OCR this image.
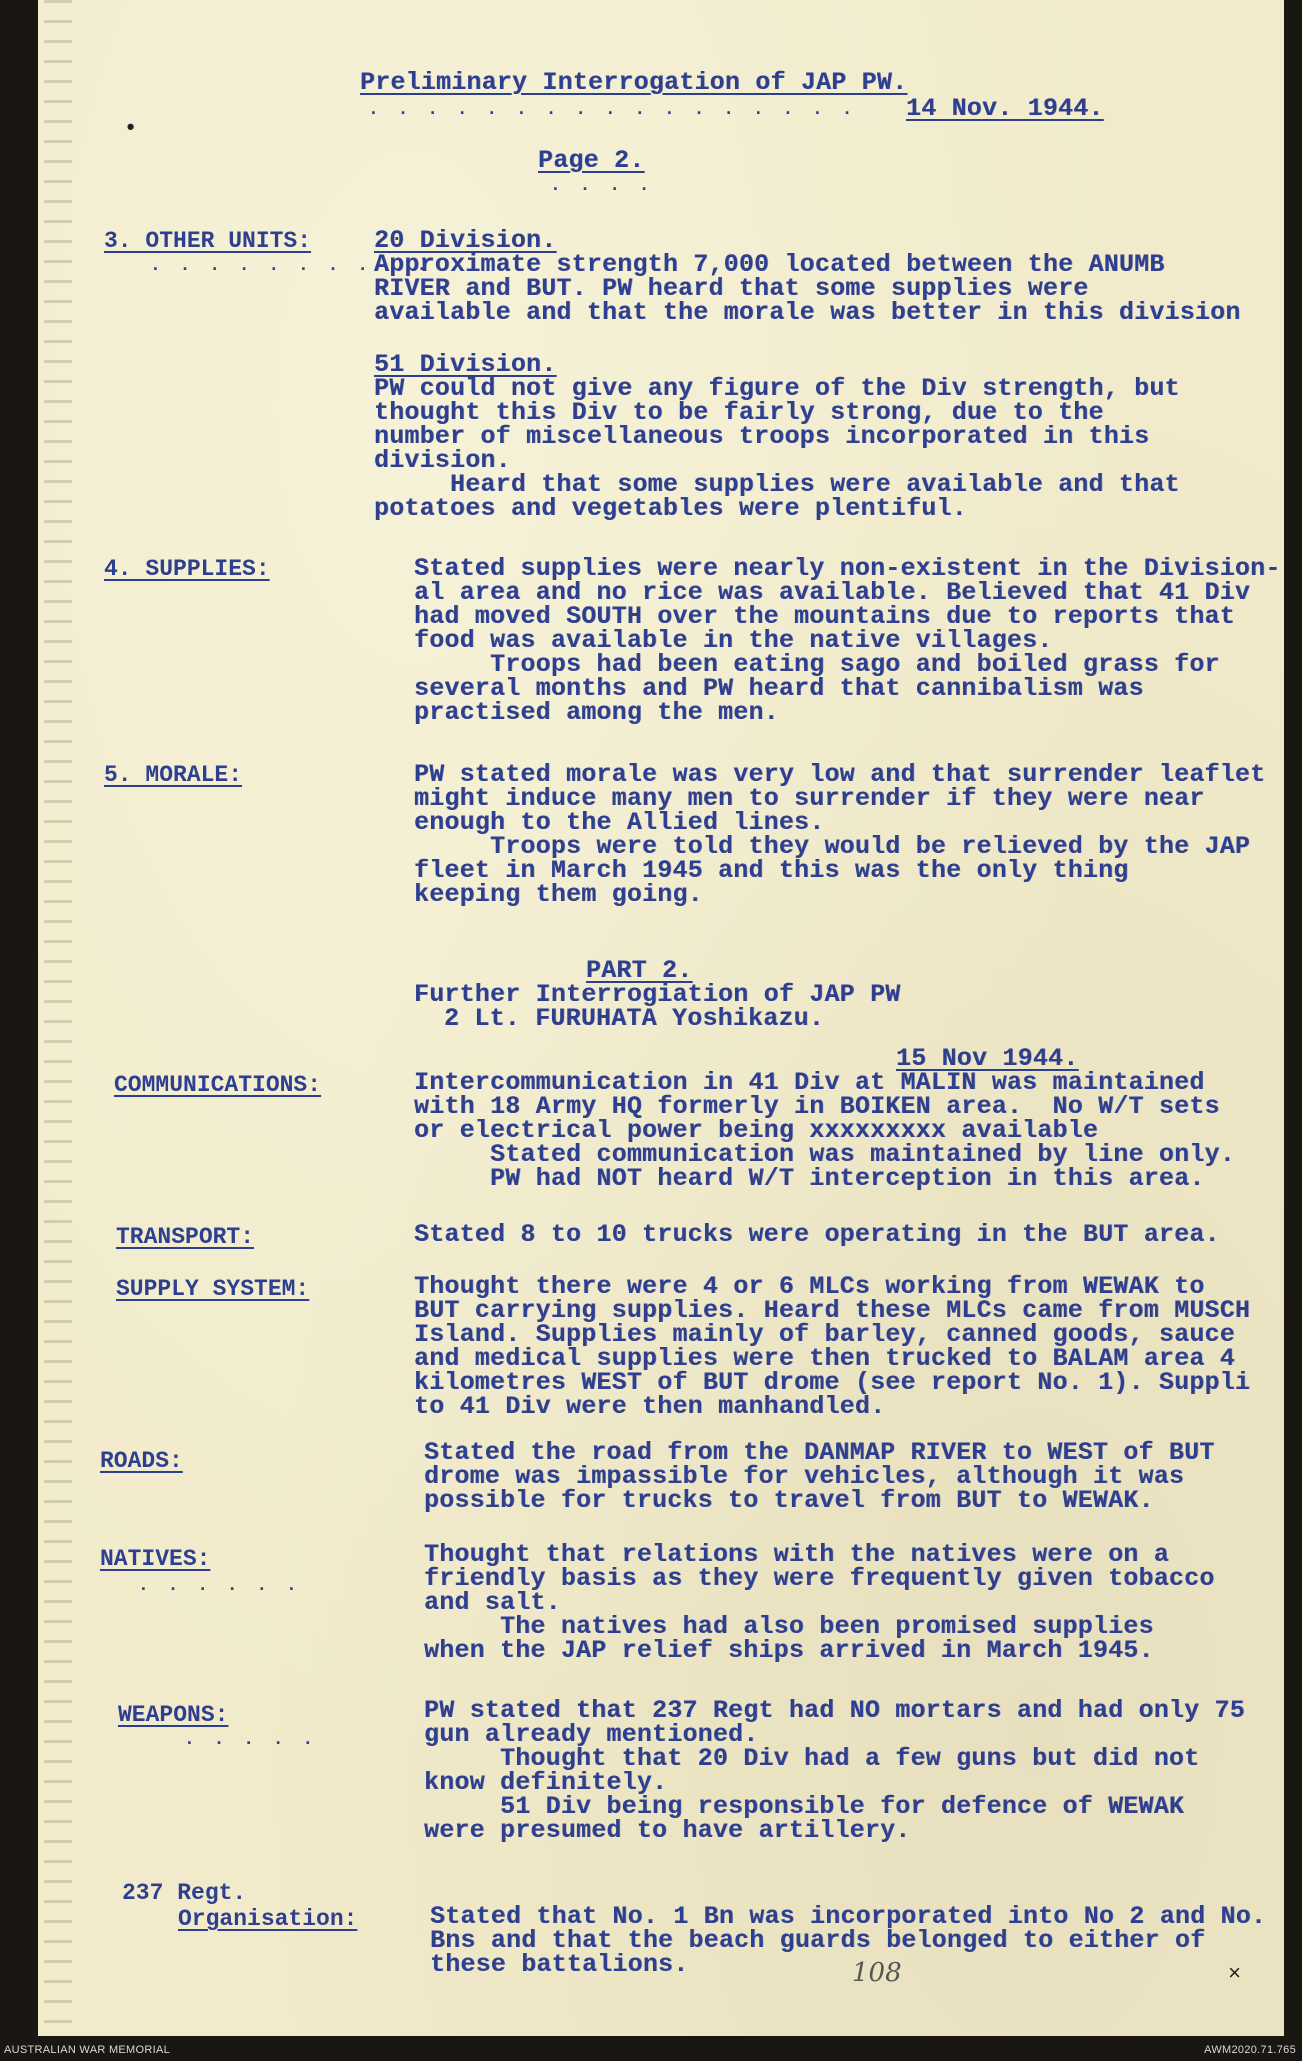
Preliminary Interrogation of JAP PW.
. . . . . . . . . . . . . . . . . 14 Nov. 1944.
Page 2.
. . . .
•
3. OTHER UNITS:
. . . . . . . . . .
20 Division.
Approximate strength 7,000 located between the ANUMB
RIVER and BUT. PW heard that some supplies were
available and that the morale was better in this division
51 Division.
PW could not give any figure of the Div strength, but
thought this Div to be fairly strong, due to the
number of miscellaneous troops incorporated in this
division.
Heard that some supplies were available and that
potatoes and vegetables were plentiful.
4. SUPPLIES:	Stated supplies were nearly non-existent in the Division-
al area and no rice was available. Believed that 41 Div
had moved SOUTH over the mountains due to reports that
food was available in the native villages.
Troops had been eating sago and boiled grass for
several months and PW heard that cannibalism was
practised among the men.
5. MORALE:	PW stated morale was very low and that surrender leaflet
might induce many men to surrender if they were near
enough to the Allied lines.
Troops were told they would be relieved by the JAP
fleet in March 1945 and this was the only thing
keeping them going.
PART 2.
Further Interrogiation of JAP PW
2 Lt. FURUHATA Yoshikazu.
15 Nov 1944.
COMMUNICATIONS:	Intercommunication in 41 Div at MALIN was maintained
with 18 Army HQ formerly in BOIKEN area.  No W/T sets
or electrical power being xxxxxxxxx available
Stated communication was maintained by line only.
PW had NOT heard W/T interception in this area.
TRANSPORT:	Stated 8 to 10 trucks were operating in the BUT area.
SUPPLY SYSTEM:	Thought there were 4 or 6 MLCs working from WEWAK to
BUT carrying supplies. Heard these MLCs came from MUSCH
Island. Supplies mainly of barley, canned goods, sauce
and medical supplies were then trucked to BALAM area 4
kilometres WEST of BUT drome (see report No. 1). Suppli
to 41 Div were then manhandled.
ROADS:	Stated the road from the DANMAP RIVER to WEST of BUT
drome was impassible for vehicles, although it was
possible for trucks to travel from BUT to WEWAK.
NATIVES:
. . . . . .
Thought that relations with the natives were on a
friendly basis as they were frequently given tobacco
and salt.
The natives had also been promised supplies
when the JAP relief ships arrived in March 1945.
WEAPONS:
. . . . .
PW stated that 237 Regt had NO mortars and had only 75
gun already mentioned.
Thought that 20 Div had a few guns but did not
know definitely.
51 Div being responsible for defence of WEWAK
were presumed to have artillery.
237 Regt.
Organisation:	Stated that No. 1 Bn was incorporated into No 2 and No.
Bns and that the beach guards belonged to either of
these battalions.	108	×
AUSTRALIAN WAR MEMORIAL	AWM2020.71.765
